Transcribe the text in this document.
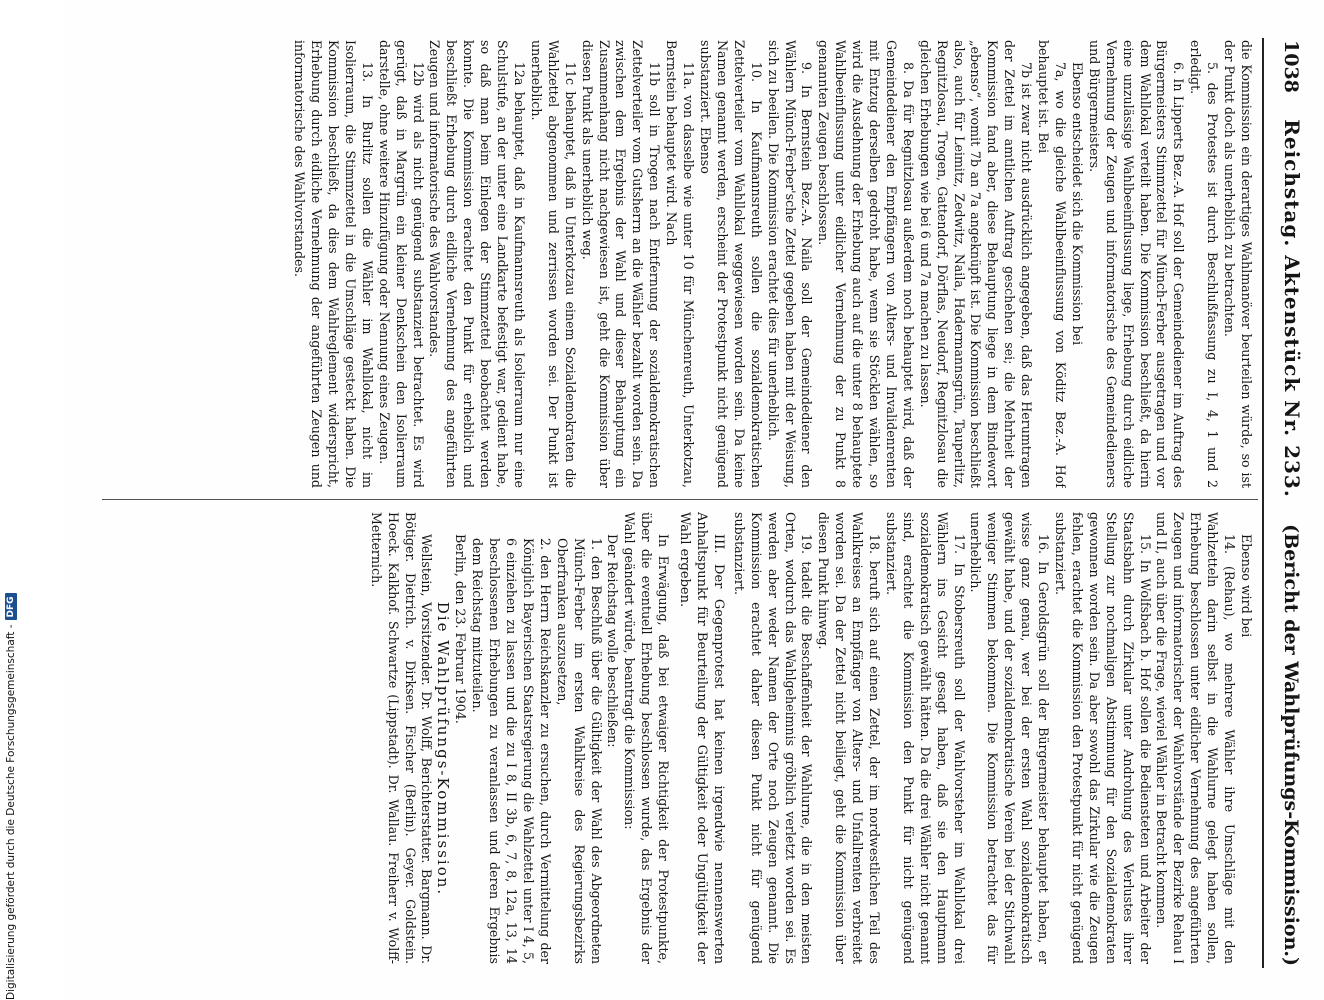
1038
Reichstag. Aktenstück Nr. 233.
(Bericht der Wahlprüfungs-Kommission.)

die Kommission ein derartiges Wahlmanöver beurteilen würde, so ist der Punkt doch als unerheblich zu betrachten.

5. des Protestes ist durch Beschlußfassung zu I, 4, 1 und 2 erledigt.

6. In Lipperts Bez.-A. Hof soll der Gemeindediener im Auftrag des Bürgermeisters Stimmzettel für Münch-Ferber ausgetragen und vor dem Wahllokal verteilt haben. Die Kommission beschließt, da hierin eine unzulässige Wahlbeeinflussung liege, Erhebung durch eidliche Vernehmung der Zeugen und informatorische des Gemeindedieners und Bürgermeisters.

Ebenso entscheidet sich die Kommission bei

7a, wo die gleiche Wahlbeeinflussung von Köditz Bez.-A. Hof behauptet ist. Bei

7b ist zwar nicht ausdrücklich angegeben, daß das Herumtragen der Zettel im amtlichen Auftrag geschehen sei; die Mehrheit der Kommission fand aber, diese Behauptung liege in dem Bindewort „ebenso“, womit 7b an 7a angeknüpft ist. Die Kommission beschließt also, auch für Leimitz, Zedwitz, Naila, Hadermannsgrün, Tauperlitz, Regnitzlosau, Trogen, Gattendorf, Dörflas, Neudorf, Regnitzlosau die gleichen Erhebungen wie bei 6 und 7a machen zu lassen.

8. Da für Regnitzlosau außerdem noch behauptet wird, daß der Gemeindediener den Empfängern von Alters- und Invalidenrenten mit Entzug derselben gedroht habe, wenn sie Stöcklen wählen, so wird die Ausdehnung der Erhebung auch auf die unter 8 behauptete Wahlbeeinflussung unter eidlicher Vernehmung der zu Punkt 8 genannten Zeugen beschlossen.

9. In Bernstein Bez.-A. Naila soll der Gemeindediener den Wählern Münch-Ferber'sche Zettel gegeben haben mit der Weisung, sich zu beeilen. Die Kommission erachtet dies für unerheblich.

10. In Kaufmannsreuth sollen die sozialdemokratischen Zettelverteiler vom Wahllokal weggewiesen worden sein. Da keine Namen genannt werden, erscheint der Protestpunkt nicht genügend substanziert. Ebenso

11a. von dasselbe wie unter 10 für Münchenreuth, Unterkotzau, Bernstein behauptet wird. Nach

11b soll in Trogen nach Entfernung der sozialdemokratischen Zettelverteiler vom Gutsherrn an die Wähler bezahlt worden sein. Da zwischen dem Ergebnis der Wahl und dieser Behauptung ein Zusammenhang nicht nachgewiesen ist, geht die Kommission über diesen Punkt als unerheblich weg.

11c behauptet, daß in Unterkotzau einem Sozialdemokraten die Wahlzettel abgenommen und zerrissen worden sei. Der Punkt ist unerheblich.

12a behauptet, daß in Kaufmannsreuth als Isolierraum nur eine Schulstufe, an der unter eine Landkarte befestigt war, gedient habe, so daß man beim Einlegen der Stimmzettel beobachtet werden konnte. Die Kommission erachtet den Punkt für erheblich und beschließt Erhebung durch eidliche Vernehmung des angeführten Zeugen und informatorische des Wahlvorstandes.

12b wird als nicht genügend substanziert betrachtet. Es wird gerügt, daß in Margrün ein kleiner Denkschein den Isolierraum darstelle, ohne weitere Hinzufügung oder Nennung eines Zeugen.

13. In Burlitz sollen die Wähler im Wahllokal, nicht im Isolierraum, die Stimmzettel in die Umschläge gesteckt haben. Die Kommission beschließt, da dies dem Wahlreglement widerspricht, Erhebung durch eidliche Vernehmung der angeführten Zeugen und informatorische des Wahlvorstandes.

Ebenso wird bei

14. (Rehau), wo mehrere Wähler ihre Umschläge mit den Wahlzetteln darin selbst in die Wahlurne gelegt haben sollen, Erhebung beschlossen unter eidlicher Vernehmung des angeführten Zeugen und informatorischer der Wahlvorstände der Bezirke Rehau I und II, auch über die Frage, wieviel Wähler in Betracht kommen.

15. In Wolfsbach b. Hof sollen die Bediensteten und Arbeiter der Staatsbahn durch Zirkular unter Androhung des Verlustes ihrer Stellung zur nochmaligen Abstimmung für den Sozialdemokraten gewonnen worden sein. Da aber sowohl das Zirkular wie die Zeugen fehlen, erachtet die Kommission den Protestpunkt für nicht genügend substanziert.

16. In Geroldsgrün soll der Bürgermeister behauptet haben, er wisse ganz genau, wer bei der ersten Wahl sozialdemokratisch gewählt habe, und der sozialdemokratische Verein bei der Stichwahl weniger Stimmen bekommen. Die Kommission betrachtet das für unerheblich.

17. In Stobersreuth soll der Wahlvorsteher im Wahllokal drei Wählern ins Gesicht gesagt haben, daß sie den Hauptmann sozialdemokratisch gewählt hätten. Da die drei Wähler nicht genannt sind, erachtet die Kommission den Punkt für nicht genügend substanziert.

18. beruft sich auf einen Zettel, der im nordwestlichen Teil des Wahlkreises an Empfänger von Alters- und Unfallrenten verbreitet worden sei. Da der Zettel nicht beiliegt, geht die Kommission über diesen Punkt hinweg.

19. tadelt die Beschaffenheit der Wahlurne, die in den meisten Orten, wodurch das Wahlgeheimnis gröblich verletzt worden sei. Es werden aber weder Namen der Orte noch Zeugen genannt. Die Kommission erachtet daher diesen Punkt nicht für genügend substanziert.

III. Der Gegenprotest hat keinen irgendwie nennenswerten Anhaltspunkt für Beurteilung der Gültigkeit oder Ungültigkeit der Wahl ergeben.

In Erwägung, daß bei etwaiger Richtigkeit der Protestpunkte, über die eventuell Erhebung beschlossen wurde, das Ergebnis der Wahl geändert würde, beantragt die Kommission:

Der Reichstag wolle beschließen:

1. den Beschluß über die Gültigkeit der Wahl des Abgeordneten Münch-Ferber im ersten Wahlkreise des Regierungsbezirks Oberfranken auszusetzen,
2. den Herrn Reichskanzler zu ersuchen, durch Vermittelung der Königlich Bayerischen Staatsregierung die Wahlzettel unter I 4, 5, 6 einziehen zu lassen und die zu I 8, II 3b, 6, 7, 8, 12a, 13, 14 beschlossenen Erhebungen zu veranlassen und deren Ergebnis dem Reichstag mitzuteilen.

Berlin, den 23. Februar 1904.

Die Wahlprüfungs-Kommission.

Wellstein, Vorsitzender. Dr. Wolff, Berichterstatter. Bargmann. Dr. Bötiger. Dietrich. v. Dirksen. Fischer (Berlin). Geyer. Goldstein. Hoeck. Kalkhof. Schwartze (Lippstadt). Dr. Wallau. Freiherr v. Wolff-Metternich.

Digitalisierung gefördert durch die Deutsche Forschungsgemeinschaft -
DFG
